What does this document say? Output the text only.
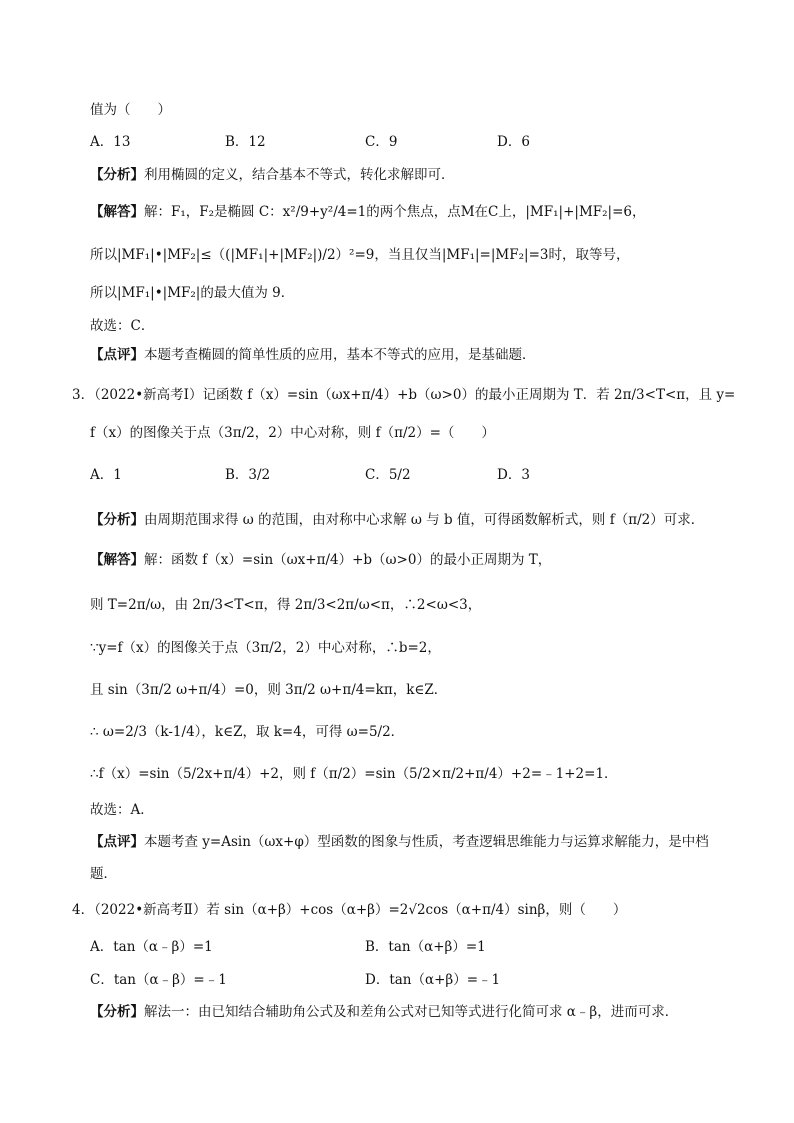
值为（　　）
A．13	B．12	C．9	D．6
【分析】利用椭圆的定义，结合基本不等式，转化求解即可．
【解答】解：F₁，F₂是椭圆 C：x²/9+y²/4=1的两个焦点，点M在C上，|MF₁|+|MF₂|=6，
所以|MF₁|•|MF₂|≤（(|MF₁|+|MF₂|)/2）²=9，当且仅当|MF₁|=|MF₂|=3时，取等号，
所以|MF₁|•|MF₂|的最大值为 9．
故选：C．
【点评】本题考查椭圆的简单性质的应用，基本不等式的应用，是基础题．
3．（2022•新高考Ⅰ）记函数 f（x）=sin（ωx+π/4）+b（ω>0）的最小正周期为 T．若 2π/3<T<π，且 y=
f（x）的图像关于点（3π/2，2）中心对称，则 f（π/2）=（　　）
A．1	B．3/2	C．5/2	D．3
【分析】由周期范围求得 ω 的范围，由对称中心求解 ω 与 b 值，可得函数解析式，则 f（π/2）可求．
【解答】解：函数 f（x）=sin（ωx+π/4）+b（ω>0）的最小正周期为 T，
则 T=2π/ω，由 2π/3<T<π，得 2π/3<2π/ω<π，∴2<ω<3，
∵y=f（x）的图像关于点（3π/2，2）中心对称，∴b=2，
且 sin（3π/2 ω+π/4）=0，则 3π/2 ω+π/4=kπ，k∈Z．
∴ ω=2/3（k-1/4），k∈Z，取 k=4，可得 ω=5/2．
∴f（x）=sin（5/2x+π/4）+2，则 f（π/2）=sin（5/2×π/2+π/4）+2=﹣1+2=1．
故选：A．
【点评】本题考查 y=Asin（ωx+φ）型函数的图象与性质，考查逻辑思维能力与运算求解能力，是中档
题．
4．（2022•新高考Ⅱ）若 sin（α+β）+cos（α+β）=2√2cos（α+π/4）sinβ，则（　　）
A．tan（α﹣β）=1	B．tan（α+β）=1
C．tan（α﹣β）=﹣1	D．tan（α+β）=﹣1
【分析】解法一：由已知结合辅助角公式及和差角公式对已知等式进行化简可求 α﹣β，进而可求．
